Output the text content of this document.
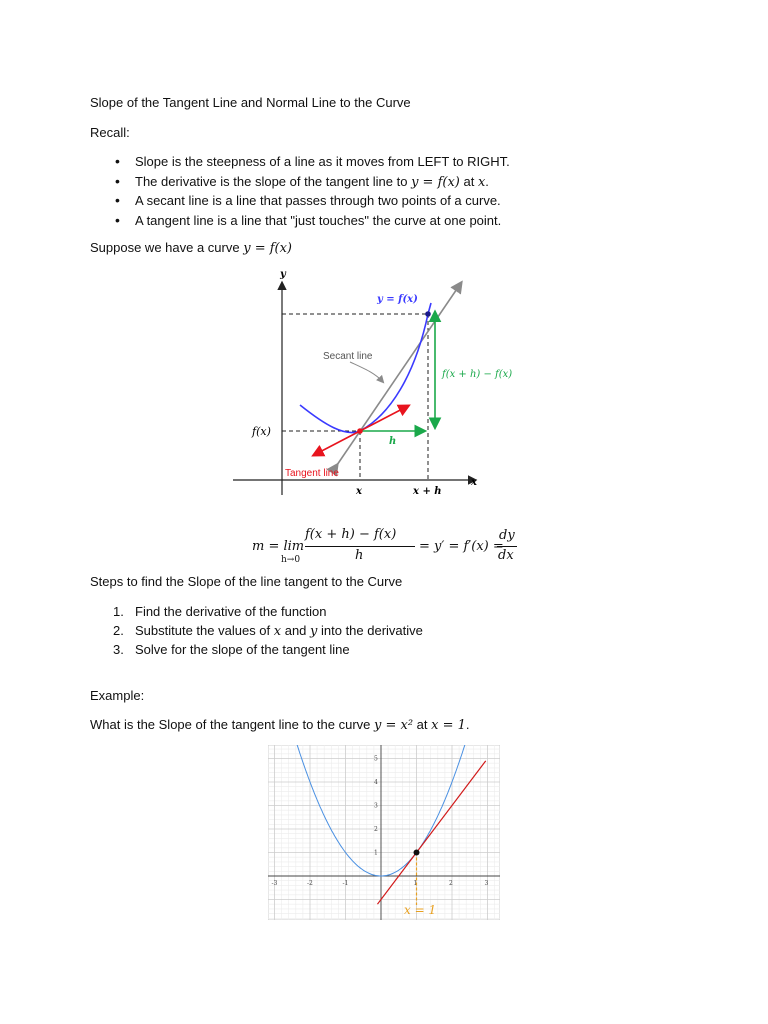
Slope of the Tangent Line and Normal Line to the Curve
Recall:
• Slope is the steepness of a line as it moves from LEFT to RIGHT.
• The derivative is the slope of the tangent line to y = f(x) at x.
• A secant line is a line that passes through two points of a curve.
• A tangent line is a line that "just touches" the curve at one point.
Suppose we have a curve y = f(x)
y
x
y = f(x)
Secant line
Tangent line
f(x + h) − f(x)
h
f(x)
x	x + h
m = lim
h→0
f(x + h) − f(x)
h
= y′ = f′(x) =
dy
dx
Steps to find the Slope of the line tangent to the Curve
1. Find the derivative of the function
2. Substitute the values of x and y into the derivative
3. Solve for the slope of the tangent line
Example:
What is the Slope of the tangent line to the curve y = x² at x = 1.
-3	-2	-1	1	2	3
1
2
3
4
5
x = 1
